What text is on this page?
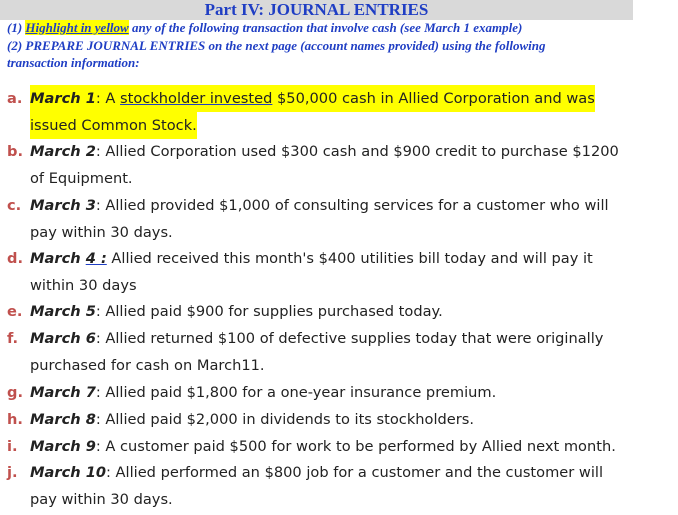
Part IV: JOURNAL ENTRIES
(1) Highlight in yellow any of the following transaction that involve cash (see March 1 example)
(2) PREPARE JOURNAL ENTRIES on the next page (account names provided) using the following
transaction information:
a. March 1: A stockholder invested $50,000 cash in Allied Corporation and was
issued Common Stock.
b. March 2: Allied Corporation used $300 cash and $900 credit to purchase $1200
of Equipment.
c. March 3: Allied provided $1,000 of consulting services for a customer who will
pay within 30 days.
d. March 4 : Allied received this month's $400 utilities bill today and will pay it
within 30 days
e. March 5: Allied paid $900 for supplies purchased today.
f. March 6: Allied returned $100 of defective supplies today that were originally
purchased for cash on March11.
g. March 7: Allied paid $1,800 for a one-year insurance premium.
h. March 8: Allied paid $2,000 in dividends to its stockholders.
i. March 9: A customer paid $500 for work to be performed by Allied next month.
j. March 10: Allied performed an $800 job for a customer and the customer will
pay within 30 days.
